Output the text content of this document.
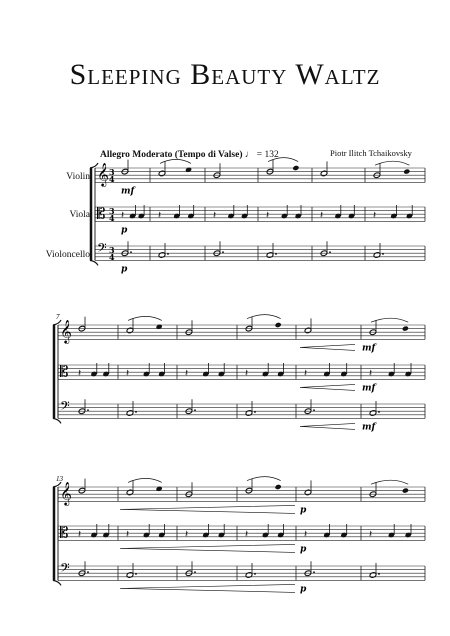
Sleeping Beauty Waltz
Piotr Ilitch Tchaikovsky
Allegro Moderato (Tempo di Valse) ♩ = 132
Violin
Viola
Violoncello
𝄞 3
4
mf
𝄡 3
4 𝄽	𝄽	𝄽	𝄽	𝄽	𝄽
p
𝄢 3
4
p
7
𝄞
mf
𝄡 𝄽	𝄽	𝄽	𝄽	𝄽	𝄽
mf
𝄢
mf
13
𝄞
p
𝄡 𝄽	𝄽	𝄽	𝄽	𝄽	𝄽
p
𝄢
p
